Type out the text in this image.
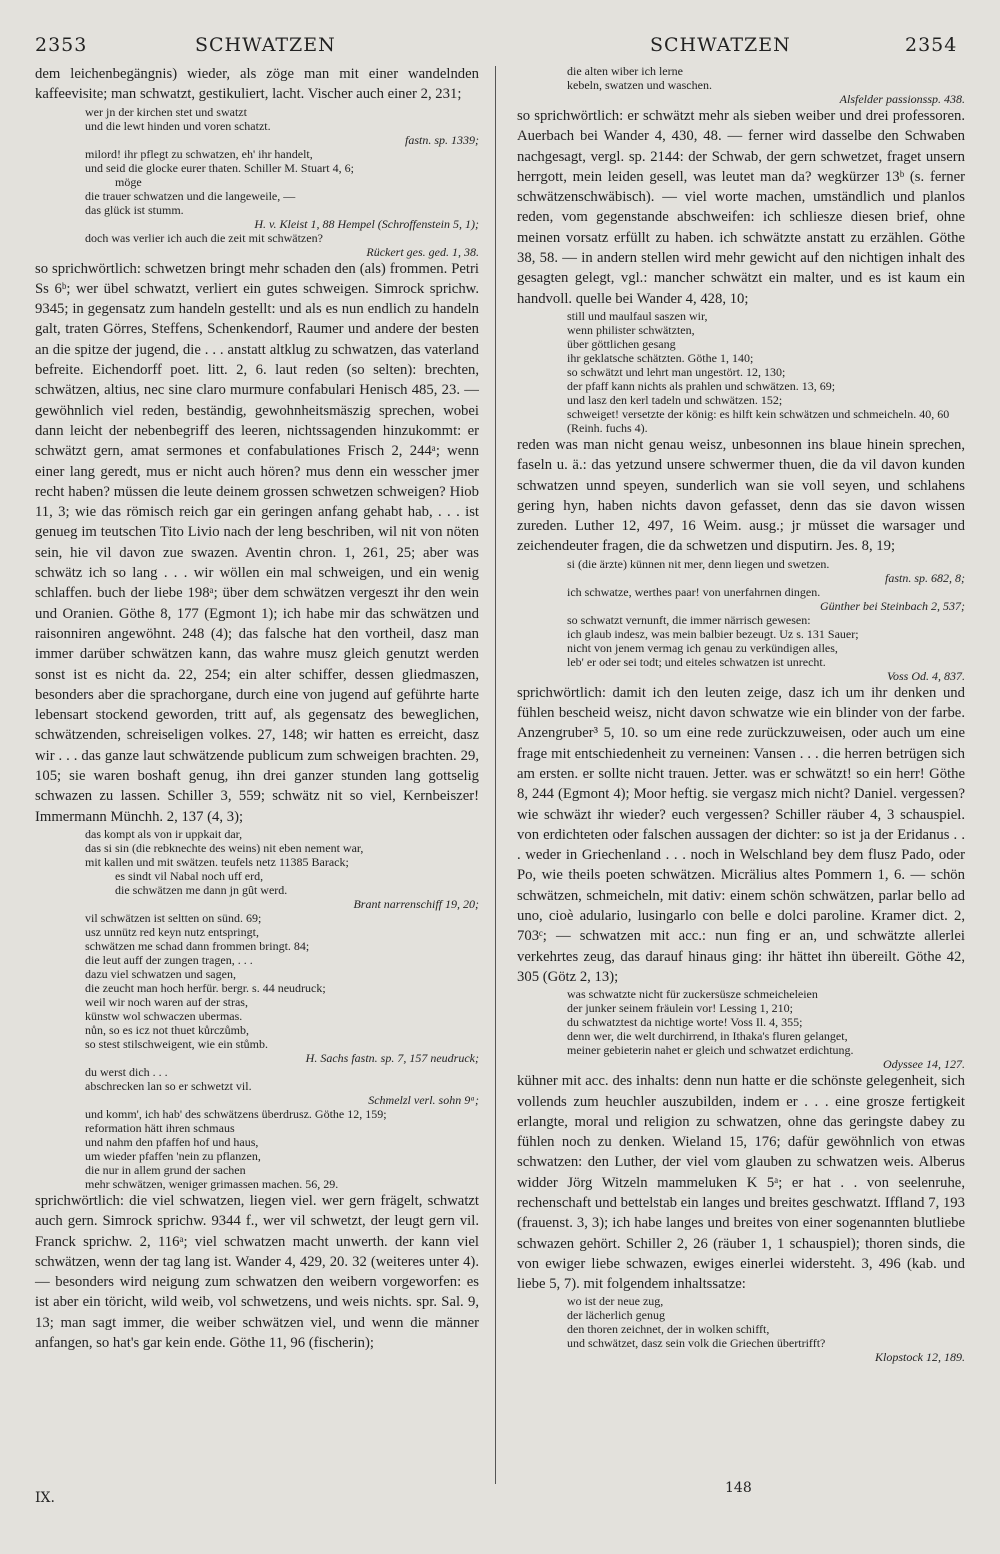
2353	SCHWATZEN	SCHWATZEN	2354

dem leichenbegängnis) wieder, als zöge man mit einer wandelnden kaffeevisite; man schwatzt, gestikuliert, lacht. Vischer auch einer 2, 231;

wer jn der kirchen stet und swatzt
und die lewt hinden und voren schatzt.
fastn. sp. 1339;
milord! ihr pflegt zu schwatzen, eh' ihr handelt,
und seid die glocke eurer thaten. Schiller M. Stuart 4, 6;
möge
die trauer schwatzen und die langeweile, —
das glück ist stumm.
H. v. Kleist 1, 88 Hempel (Schroffenstein 5, 1);
doch was verlier ich auch die zeit mit schwätzen?
Rückert ges. ged. 1, 38.

so sprichwörtlich: schwetzen bringt mehr schaden den (als) frommen. Petri Ss 6ᵇ; wer übel schwatzt, verliert ein gutes schweigen. Simrock sprichw. 9345; in gegensatz zum handeln gestellt: und als es nun endlich zu handeln galt, traten Görres, Steffens, Schenkendorf, Raumer und andere der besten an die spitze der jugend, die . . . anstatt altklug zu schwatzen, das vaterland befreite. Eichendorff poet. litt. 2, 6. laut reden (so selten): brechten, schwätzen, altius, nec sine claro murmure confabulari Henisch 485, 23. — gewöhnlich viel reden, beständig, gewohnheitsmäszig sprechen, wobei dann leicht der nebenbegriff des leeren, nichtssagenden hinzukommt: er schwätzt gern, amat sermones et confabulationes Frisch 2, 244ᵃ; wenn einer lang geredt, mus er nicht auch hören? mus denn ein wesscher jmer recht haben? müssen die leute deinem grossen schwetzen schweigen? Hiob 11, 3; wie das römisch reich gar ein geringen anfang gehabt hab, . . . ist genueg im teutschen Tito Livio nach der leng beschriben, wil nit von nöten sein, hie vil davon zue swazen. Aventin chron. 1, 261, 25; aber was schwätz ich so lang . . . wir wöllen ein mal schweigen, und ein wenig schlaffen. buch der liebe 198ᵃ; über dem schwätzen vergeszt ihr den wein und Oranien. Göthe 8, 177 (Egmont 1); ich habe mir das schwätzen und raisonniren angewöhnt. 248 (4); das falsche hat den vortheil, dasz man immer darüber schwätzen kann, das wahre musz gleich genutzt werden sonst ist es nicht da. 22, 254; ein alter schiffer, dessen gliedmaszen, besonders aber die sprachorgane, durch eine von jugend auf geführte harte lebensart stockend geworden, tritt auf, als gegensatz des beweglichen, schwätzenden, schreiseligen volkes. 27, 148; wir hatten es erreicht, dasz wir . . . das ganze laut schwätzende publicum zum schweigen brachten. 29, 105; sie waren boshaft genug, ihn drei ganzer stunden lang gottselig schwazen zu lassen. Schiller 3, 559; schwätz nit so viel, Kernbeiszer! Immermann Münchh. 2, 137 (4, 3);

das kompt als von ir uppkait dar,
das si sin (die rebknechte des weins) nit eben nement war,
mit kallen und mit swätzen. teufels netz 11385 Barack;
es sindt vil Nabal noch uff erd,
die schwätzen me dann jn gût werd.
Brant narrenschiff 19, 20;
vil schwätzen ist seltten on sünd. 69;
usz unnütz red keyn nutz entspringt,
schwätzen me schad dann frommen bringt. 84;
die leut auff der zungen tragen, . . .
dazu viel schwatzen und sagen,
die zeucht man hoch herfür. bergr. s. 44 neudruck;
weil wir noch waren auf der stras,
künstw wol schwaczen ubermas.
nůn, so es icz not thuet kůrczůmb,
so stest stilschweigent, wie ein stůmb.
H. Sachs fastn. sp. 7, 157 neudruck;
du werst dich . . .
abschrecken lan so er schwetzt vil.
Schmelzl verl. sohn 9ᵃ;
und komm', ich hab' des schwätzens überdrusz. Göthe 12, 159;
reformation hätt ihren schmaus
und nahm den pfaffen hof und haus,
um wieder pfaffen 'nein zu pflanzen,
die nur in allem grund der sachen
mehr schwätzen, weniger grimassen machen. 56, 29.

sprichwörtlich: die viel schwatzen, liegen viel. wer gern frägelt, schwatzt auch gern. Simrock sprichw. 9344 f., wer vil schwetzt, der leugt gern vil. Franck sprichw. 2, 116ᵃ; viel schwatzen macht unwerth. der kann viel schwätzen, wenn der tag lang ist. Wander 4, 429, 20. 32 (weiteres unter 4). — besonders wird neigung zum schwatzen den weibern vorgeworfen: es ist aber ein töricht, wild weib, vol schwetzens, und weis nichts. spr. Sal. 9, 13; man sagt immer, die weiber schwätzen viel, und wenn die männer anfangen, so hat's gar kein ende. Göthe 11, 96 (fischerin);

die alten wiber ich lerne
kebeln, swatzen und waschen.
Alsfelder passionssp. 438.

so sprichwörtlich: er schwätzt mehr als sieben weiber und drei professoren. Auerbach bei Wander 4, 430, 48. — ferner wird dasselbe den Schwaben nachgesagt, vergl. sp. 2144: der Schwab, der gern schwetzet, fraget unsern herrgott, mein leiden gesell, was leutet man da? wegkürzer 13ᵇ (s. ferner schwätzenschwäbisch). — viel worte machen, umständlich und planlos reden, vom gegenstande abschweifen: ich schliesze diesen brief, ohne meinen vorsatz erfüllt zu haben. ich schwätzte anstatt zu erzählen. Göthe 38, 58. — in andern stellen wird mehr gewicht auf den nichtigen inhalt des gesagten gelegt, vgl.: mancher schwätzt ein malter, und es ist kaum ein handvoll. quelle bei Wander 4, 428, 10;

still und maulfaul saszen wir,
wenn philister schwätzten,
über göttlichen gesang
ihr geklatsche schätzten. Göthe 1, 140;
so schwätzt und lehrt man ungestört. 12, 130;
der pfaff kann nichts als prahlen und schwätzen. 13, 69;
und lasz den kerl tadeln und schwätzen. 152;
schweiget! versetzte der könig: es hilft kein schwätzen und schmeicheln. 40, 60 (Reinh. fuchs 4).

reden was man nicht genau weisz, unbesonnen ins blaue hinein sprechen, faseln u. ä.: das yetzund unsere schwermer thuen, die da vil davon kunden schwatzen unnd speyen, sunderlich wan sie voll seyen, und schlahens gering hyn, haben nichts davon gefasset, denn das sie davon wissen zureden. Luther 12, 497, 16 Weim. ausg.; jr müsset die warsager und zeichendeuter fragen, die da schwetzen und disputirn. Jes. 8, 19;

si (die ärzte) künnen nit mer, denn liegen und swetzen.
fastn. sp. 682, 8;
ich schwatze, werthes paar! von unerfahrnen dingen.
Günther bei Steinbach 2, 537;
so schwatzt vernunft, die immer närrisch gewesen:
ich glaub indesz, was mein balbier bezeugt. Uz s. 131 Sauer;
nicht von jenem vermag ich genau zu verkündigen alles,
leb' er oder sei todt; und eiteles schwatzen ist unrecht.
Voss Od. 4, 837.

sprichwörtlich: damit ich den leuten zeige, dasz ich um ihr denken und fühlen bescheid weisz, nicht davon schwatze wie ein blinder von der farbe. Anzengruber³ 5, 10. so um eine rede zurückzuweisen, oder auch um eine frage mit entschiedenheit zu verneinen: Vansen . . . die herren betrügen sich am ersten. er sollte nicht trauen. Jetter. was er schwätzt! so ein herr! Göthe 8, 244 (Egmont 4); Moor heftig. sie vergasz mich nicht? Daniel. vergessen? wie schwäzt ihr wieder? euch vergessen? Schiller räuber 4, 3 schauspiel. von erdichteten oder falschen aussagen der dichter: so ist ja der Eridanus . . . weder in Griechenland . . . noch in Welschland bey dem flusz Pado, oder Po, wie theils poeten schwätzen. Micrälius altes Pommern 1, 6. — schön schwätzen, schmeicheln, mit dativ: einem schön schwätzen, parlar bello ad uno, cioè adulario, lusingarlo con belle e dolci paroline. Kramer dict. 2, 703ᶜ; — schwatzen mit acc.: nun fing er an, und schwätzte allerlei verkehrtes zeug, das darauf hinaus ging: ihr hättet ihn übereilt. Göthe 42, 305 (Götz 2, 13);

was schwatzte nicht für zuckersüsze schmeicheleien
der junker seinem fräulein vor! Lessing 1, 210;
du schwatztest da nichtige worte! Voss Il. 4, 355;
denn wer, die welt durchirrend, in Ithaka's fluren gelanget,
meiner gebieterin nahet er gleich und schwatzet erdichtung.
Odyssee 14, 127.

kühner mit acc. des inhalts: denn nun hatte er die schönste gelegenheit, sich vollends zum heuchler auszubilden, indem er . . . eine grosze fertigkeit erlangte, moral und religion zu schwatzen, ohne das geringste dabey zu fühlen noch zu denken. Wieland 15, 176; dafür gewöhnlich von etwas schwatzen: den Luther, der viel vom glauben zu schwatzen weis. Alberus widder Jörg Witzeln mammeluken K 5ᵃ; er hat . . von seelenruhe, rechenschaft und bettelstab ein langes und breites geschwatzt. Iffland 7, 193 (frauenst. 3, 3); ich habe langes und breites von einer sogenannten blutliebe schwazen gehört. Schiller 2, 26 (räuber 1, 1 schauspiel); thoren sinds, die von ewiger liebe schwazen, ewiges einerlei widersteht. 3, 496 (kab. und liebe 5, 7). mit folgendem inhaltssatze:

wo ist der neue zug,
der lächerlich genug
den thoren zeichnet, der in wolken schifft,
und schwätzet, dasz sein volk die Griechen übertrifft?
Klopstock 12, 189.
IX.
148
